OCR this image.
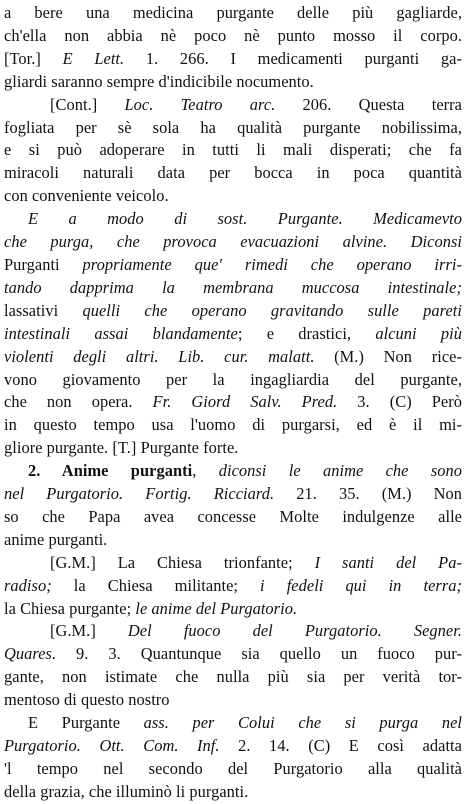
a bere una medicina purgante delle più gagliarde,
ch'ella non abbia nè poco nè punto mosso il corpo.
[Tor.] E Lett. 1. 266. I medicamenti purganti ga-
gliardi saranno sempre d'indicibile nocumento.
[Cont.] Loc. Teatro arc. 206. Questa terra
fogliata per sè sola ha qualità purgante nobilissima,
e si può adoperare in tutti li mali disperati; che fa
miracoli naturali data per bocca in poca quantità
con conveniente veicolo.
E a modo di sost. Purgante. Medicamevto
che purga, che provoca evacuazioni alvine. Diconsi
Purganti propriamente que' rimedi che operano irri-
tando dapprima la membrana muccosa intestinale;
lassativi quelli che operano gravitando sulle pareti
intestinali assai blandamente; e drastici, alcuni più
violenti degli altri. Lib. cur. malatt. (M.) Non rice-
vono giovamento per la ingagliardia del purgante,
che non opera. Fr. Giord Salv. Pred. 3. (C) Però
in questo tempo usa l'uomo di purgarsi, ed è il mi-
gliore purgante. [T.] Purgante forte.
2. Anime purganti, diconsi le anime che sono
nel Purgatorio. Fortig. Ricciard. 21. 35. (M.) Non
so che Papa avea concesse Molte indulgenze alle
anime purganti.
[G.M.] La Chiesa trionfante; I santi del Pa-
radiso; la Chiesa militante; i fedeli qui in terra;
la Chiesa purgante; le anime del Purgatorio.
[G.M.] Del fuoco del Purgatorio. Segner.
Quares. 9. 3. Quantunque sia quello un fuoco pur-
gante, non istimate che nulla più sia per verità tor-
mentoso di questo nostro
E Purgante ass. per Colui che si purga nel
Purgatorio. Ott. Com. Inf. 2. 14. (C) E così adatta
'l tempo nel secondo del Purgatorio alla qualità
della grazia, che illuminò li purganti.
